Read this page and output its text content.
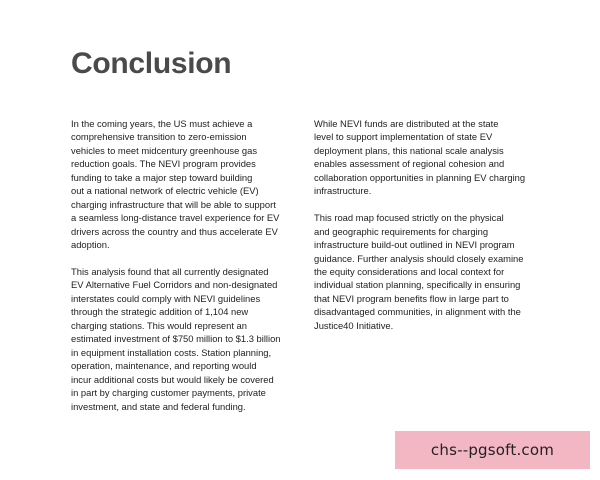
Conclusion

In the coming years, the US must achieve a
comprehensive transition to zero-emission
vehicles to meet midcentury greenhouse gas
reduction goals. The NEVI program provides
funding to take a major step toward building
out a national network of electric vehicle (EV)
charging infrastructure that will be able to support
a seamless long-distance travel experience for EV
drivers across the country and thus accelerate EV
adoption.

This analysis found that all currently designated
EV Alternative Fuel Corridors and non-designated
interstates could comply with NEVI guidelines
through the strategic addition of 1,104 new
charging stations. This would represent an
estimated investment of $750 million to $1.3 billion
in equipment installation costs. Station planning,
operation, maintenance, and reporting would
incur additional costs but would likely be covered
in part by charging customer payments, private
investment, and state and federal funding.

While NEVI funds are distributed at the state
level to support implementation of state EV
deployment plans, this national scale analysis
enables assessment of regional cohesion and
collaboration opportunities in planning EV charging
infrastructure.

This road map focused strictly on the physical
and geographic requirements for charging
infrastructure build-out outlined in NEVI program
guidance. Further analysis should closely examine
the equity considerations and local context for
individual station planning, specifically in ensuring
that NEVI program benefits flow in large part to
disadvantaged communities, in alignment with the
Justice40 Initiative.

chs--pgsoft.com
